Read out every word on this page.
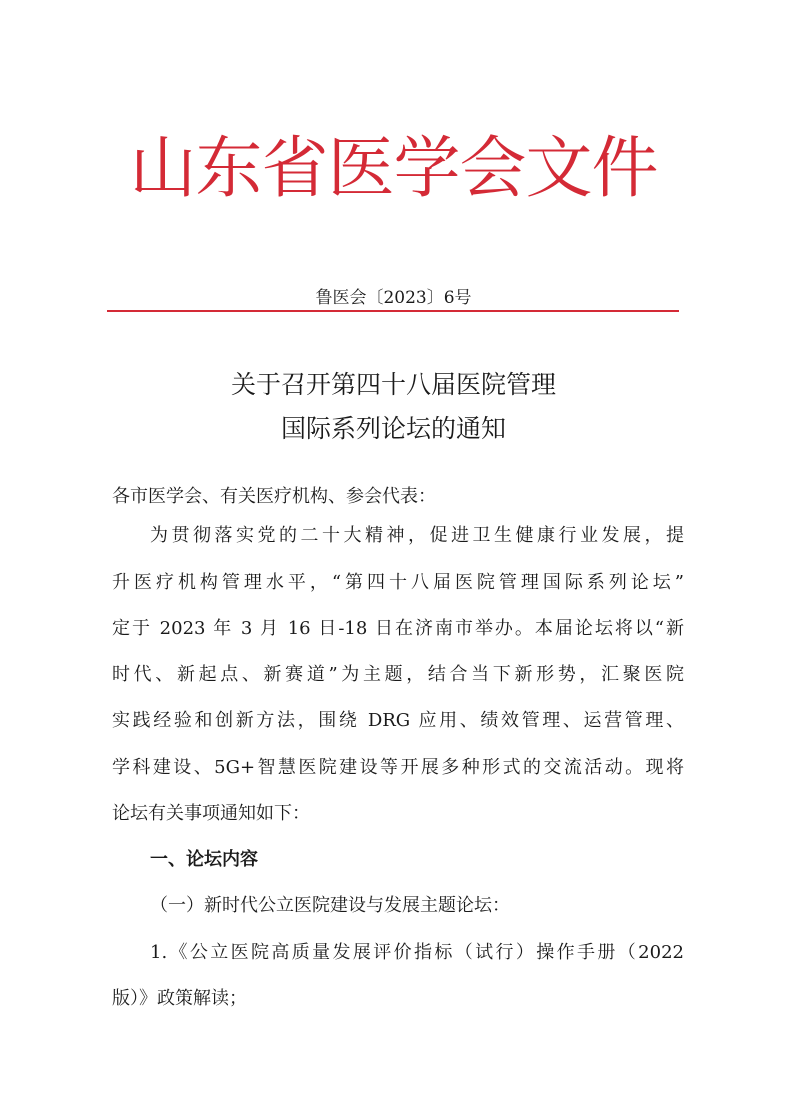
山东省医学会文件
鲁医会〔2023〕6号
关于召开第四十八届医院管理
国际系列论坛的通知
各市医学会、有关医疗机构、参会代表：
为贯彻落实党的二十大精神，促进卫生健康行业发展，提
升医疗机构管理水平，“第四十八届医院管理国际系列论坛”
定于 2023 年 3 月 16 日-18 日在济南市举办。本届论坛将以“新
时代、新起点、新赛道”为主题，结合当下新形势，汇聚医院
实践经验和创新方法，围绕 DRG 应用、绩效管理、运营管理、
学科建设、5G+智慧医院建设等开展多种形式的交流活动。现将
论坛有关事项通知如下：
一、论坛内容
（一）新时代公立医院建设与发展主题论坛：
1.《公立医院高质量发展评价指标（试行）操作手册（2022
版）》政策解读；
